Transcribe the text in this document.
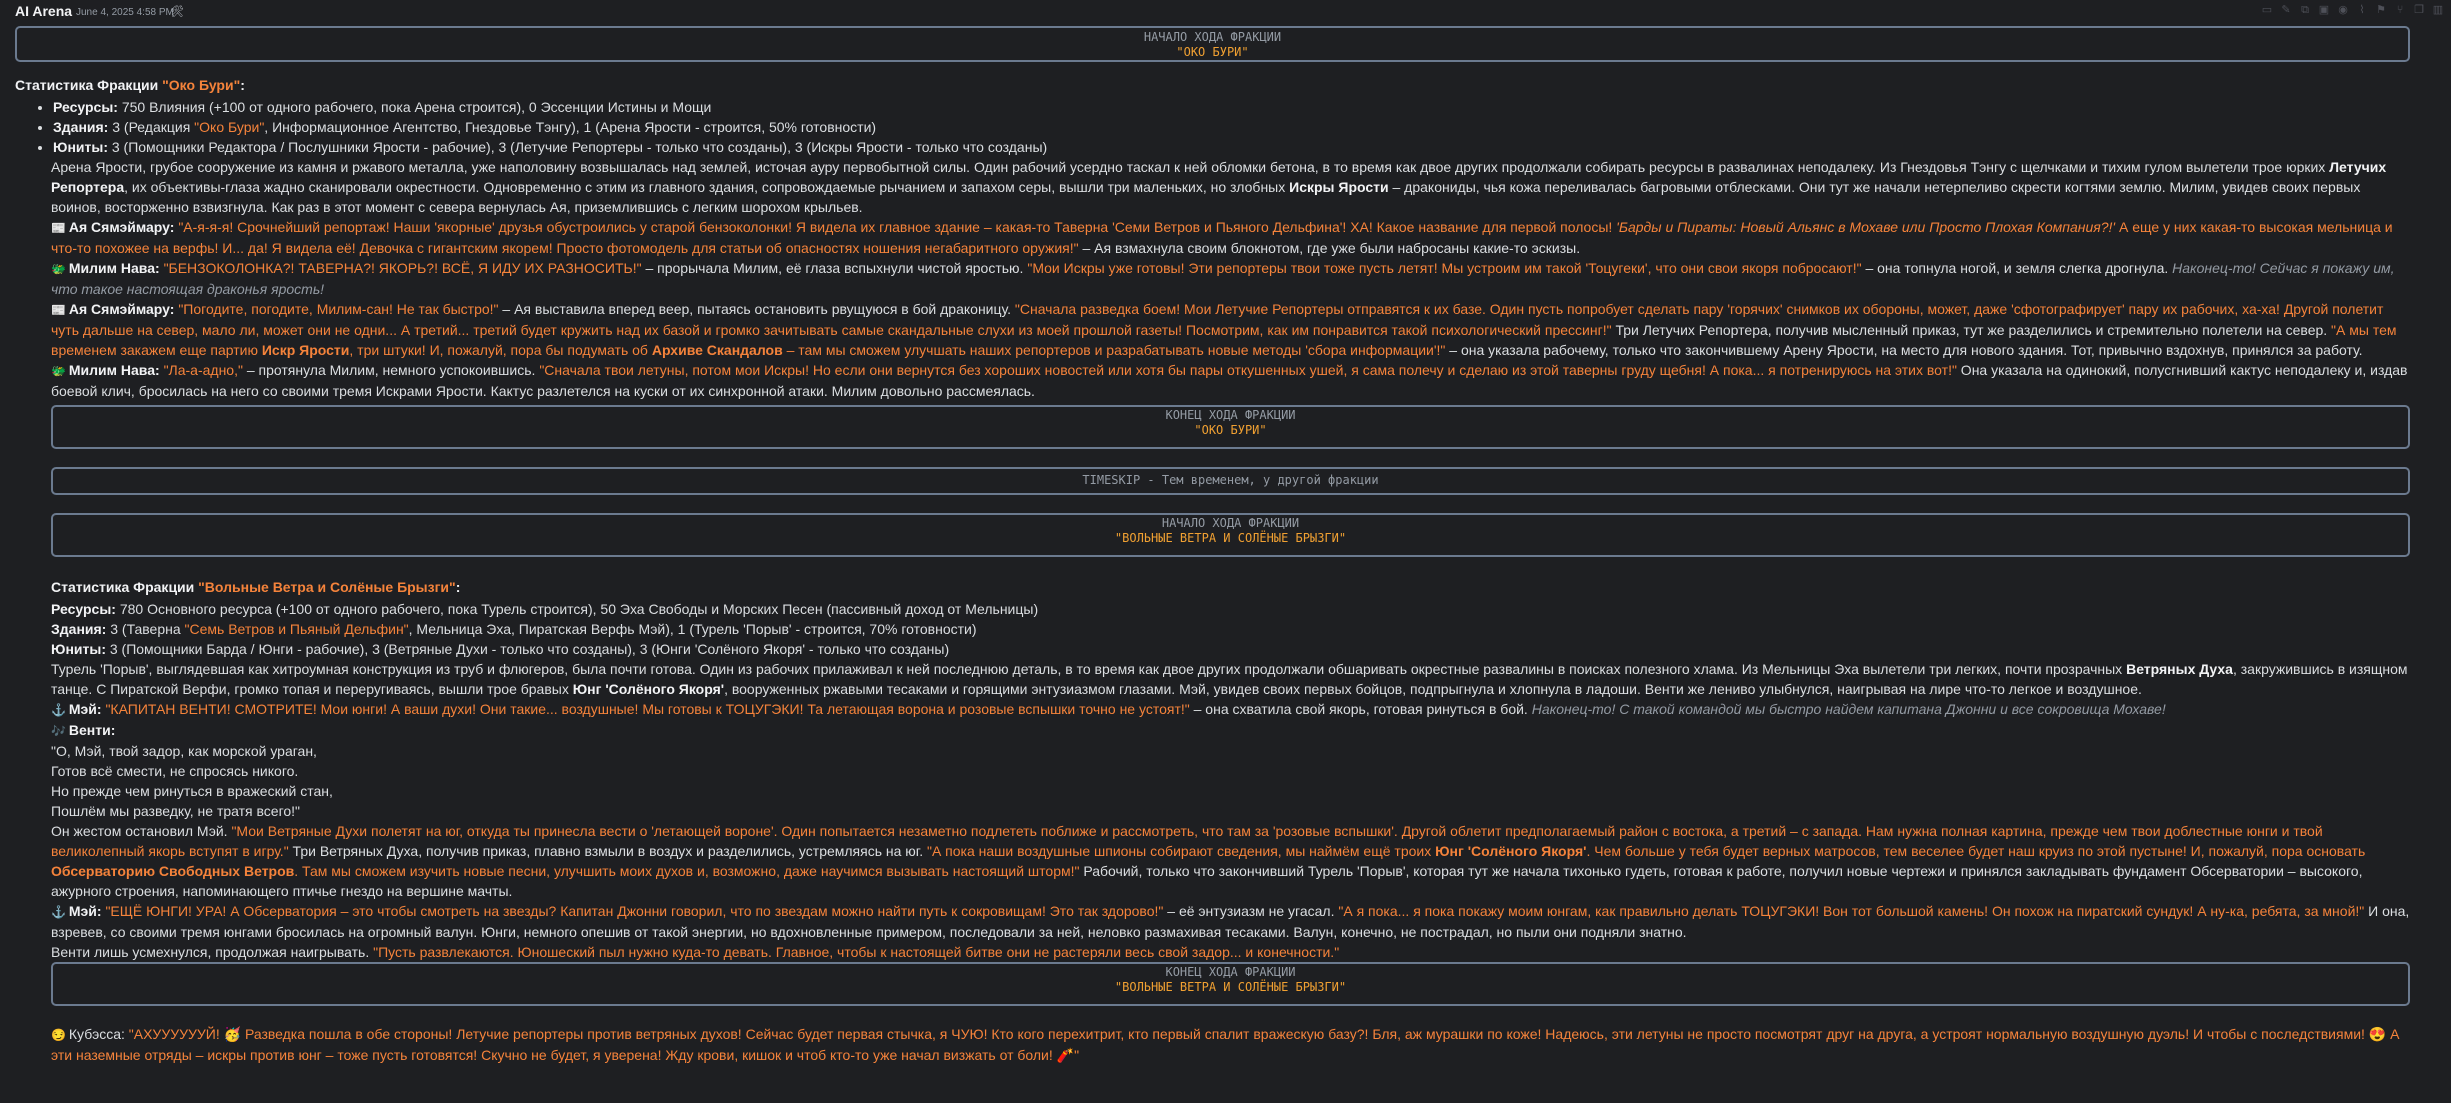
AI Arena June 4, 2025 4:58 PM
🛠	▭ ✎ ⧉ ▣ ◉	⌇	⚑ ⑂ ❐ ▥
НАЧАЛО ХОДА ФРАКЦИИ
"ОКО БУРИ"
Статистика Фракции "Око Бури":
• Ресурсы: 750 Влияния (+100 от одного рабочего, пока Арена строится), 0 Эссенции Истины и Мощи
• Здания: 3 (Редакция "Око Бури", Информационное Агентство, Гнездовье Тэнгу), 1 (Арена Ярости - строится, 50% готовности)
• Юниты: 3 (Помощники Редактора / Послушники Ярости - рабочие), 3 (Летучие Репортеры - только что созданы), 3 (Искры Ярости - только что созданы)

Арена Ярости, грубое сооружение из камня и ржавого металла, уже наполовину возвышалась над землей, источая ауру первобытной силы. Один рабочий усердно таскал к ней обломки бетона, в то время как двое других продолжали собирать ресурсы в развалинах неподалеку. Из Гнездовья Тэнгу с щелчками и тихим гулом вылетели трое юрких Летучих Репортера, их объективы-глаза жадно сканировали окрестности. Одновременно с этим из главного здания, сопровождаемые рычанием и запахом серы, вышли три маленьких, но злобных Искры Ярости – дракониды, чья кожа переливалась багровыми отблесками. Они тут же начали нетерпеливо скрести когтями землю. Милим, увидев своих первых воинов, восторженно взвизгнула. Как раз в этот момент с севера вернулась Ая, приземлившись с легким шорохом крыльев.

📰 Ая Сямэймару: "А-я-я-я! Срочнейший репортаж! Наши 'якорные' друзья обустроились у старой бензоколонки! Я видела их главное здание – какая-то Таверна 'Семи Ветров и Пьяного Дельфина'! ХА! Какое название для первой полосы! 'Барды и Пираты: Новый Альянс в Мохаве или Просто Плохая Компания?!' А еще у них какая-то высокая мельница и что-то похожее на верфь! И... да! Я видела её! Девочка с гигантским якорем! Просто фотомодель для статьи об опасностях ношения негабаритного оружия!" – Ая взмахнула своим блокнотом, где уже были набросаны какие-то эскизы.

🐲 Милим Нава: "БЕНЗОКОЛОНКА?! ТАВЕРНА?! ЯКОРЬ?! ВСЁ, Я ИДУ ИХ РАЗНОСИТЬ!" – прорычала Милим, её глаза вспыхнули чистой яростью. "Мои Искры уже готовы! Эти репортеры твои тоже пусть летят! Мы устроим им такой 'Тоцугеки', что они свои якоря побросают!" – она топнула ногой, и земля слегка дрогнула. Наконец-то! Сейчас я покажу им, что такое настоящая драконья ярость!

📰 Ая Сямэймару: "Погодите, погодите, Милим-сан! Не так быстро!" – Ая выставила вперед веер, пытаясь остановить рвущуюся в бой драконицу. "Сначала разведка боем! Мои Летучие Репортеры отправятся к их базе. Один пусть попробует сделать пару 'горячих' снимков их обороны, может, даже 'сфотографирует' пару их рабочих, ха-ха! Другой полетит чуть дальше на север, мало ли, может они не одни... А третий... третий будет кружить над их базой и громко зачитывать самые скандальные слухи из моей прошлой газеты! Посмотрим, как им понравится такой психологический прессинг!" Три Летучих Репортера, получив мысленный приказ, тут же разделились и стремительно полетели на север. "А мы тем временем закажем еще партию Искр Ярости, три штуки! И, пожалуй, пора бы подумать об Архиве Скандалов – там мы сможем улучшать наших репортеров и разрабатывать новые методы 'сбора информации'!" – она указала рабочему, только что закончившему Арену Ярости, на место для нового здания. Тот, привычно вздохнув, принялся за работу.

🐲 Милим Нава: "Ла-а-адно," – протянула Милим, немного успокоившись. "Сначала твои летуны, потом мои Искры! Но если они вернутся без хороших новостей или хотя бы пары откушенных ушей, я сама полечу и сделаю из этой таверны груду щебня! А пока... я потренируюсь на этих вот!" Она указала на одинокий, полусгнивший кактус неподалеку и, издав боевой клич, бросилась на него со своими тремя Искрами Ярости. Кактус разлетелся на куски от их синхронной атаки. Милим довольно рассмеялась.

КОНЕЦ ХОДА ФРАКЦИИ
"ОКО БУРИ"
TIMESKIP - Тем временем, у другой фракции
НАЧАЛО ХОДА ФРАКЦИИ
"ВОЛЬНЫЕ ВЕТРА И СОЛЁНЫЕ БРЫЗГИ"
Статистика Фракции "Вольные Ветра и Солёные Брызги":
Ресурсы: 780 Основного ресурса (+100 от одного рабочего, пока Турель строится), 50 Эха Свободы и Морских Песен (пассивный доход от Мельницы)
Здания: 3 (Таверна "Семь Ветров и Пьяный Дельфин", Мельница Эха, Пиратская Верфь Мэй), 1 (Турель 'Порыв' - строится, 70% готовности)
Юниты: 3 (Помощники Барда / Юнги - рабочие), 3 (Ветряные Духи - только что созданы), 3 (Юнги 'Солёного Якоря' - только что созданы)

Турель 'Порыв', выглядевшая как хитроумная конструкция из труб и флюгеров, была почти готова. Один из рабочих прилаживал к ней последнюю деталь, в то время как двое других продолжали обшаривать окрестные развалины в поисках полезного хлама. Из Мельницы Эха вылетели три легких, почти прозрачных Ветряных Духа, закружившись в изящном танце. С Пиратской Верфи, громко топая и переругиваясь, вышли трое бравых Юнг 'Солёного Якоря', вооруженных ржавыми тесаками и горящими энтузиазмом глазами. Мэй, увидев своих первых бойцов, подпрыгнула и хлопнула в ладоши. Венти же лениво улыбнулся, наигрывая на лире что-то легкое и воздушное.

⚓ Мэй: "КАПИТАН ВЕНТИ! СМОТРИТЕ! Мои юнги! А ваши духи! Они такие... воздушные! Мы готовы к ТОЦУГЭКИ! Та летающая ворона и розовые вспышки точно не устоят!" – она схватила свой якорь, готовая ринуться в бой. Наконец-то! С такой командой мы быстро найдем капитана Джонни и все сокровища Мохаве!

🎶 Венти:

"О, Мэй, твой задор, как морской ураган,

Готов всё смести, не спросясь никого.

Но прежде чем ринуться в вражеский стан,

Пошлём мы разведку, не тратя всего!"

Он жестом остановил Мэй. "Мои Ветряные Духи полетят на юг, откуда ты принесла вести о 'летающей вороне'. Один попытается незаметно подлететь поближе и рассмотреть, что там за 'розовые вспышки'. Другой облетит предполагаемый район с востока, а третий – с запада. Нам нужна полная картина, прежде чем твои доблестные юнги и твой великолепный якорь вступят в игру." Три Ветряных Духа, получив приказ, плавно взмыли в воздух и разделились, устремляясь на юг. "А пока наши воздушные шпионы собирают сведения, мы наймём ещё троих Юнг 'Солёного Якоря'. Чем больше у тебя будет верных матросов, тем веселее будет наш круиз по этой пустыне! И, пожалуй, пора основать Обсерваторию Свободных Ветров. Там мы сможем изучить новые песни, улучшить моих духов и, возможно, даже научимся вызывать настоящий шторм!" Рабочий, только что закончивший Турель 'Порыв', которая тут же начала тихонько гудеть, готовая к работе, получил новые чертежи и принялся закладывать фундамент Обсерватории – высокого, ажурного строения, напоминающего птичье гнездо на вершине мачты.

⚓ Мэй: "ЕЩЁ ЮНГИ! УРА! А Обсерватория – это чтобы смотреть на звезды? Капитан Джонни говорил, что по звездам можно найти путь к сокровищам! Это так здорово!" – её энтузиазм не угасал. "А я пока... я пока покажу моим юнгам, как правильно делать ТОЦУГЭКИ! Вон тот большой камень! Он похож на пиратский сундук! А ну-ка, ребята, за мной!" И она, взревев, со своими тремя юнгами бросилась на огромный валун. Юнги, немного опешив от такой энергии, но вдохновленные примером, последовали за ней, неловко размахивая тесаками. Валун, конечно, не пострадал, но пыли они подняли знатно.

Венти лишь усмехнулся, продолжая наигрывать. "Пусть развлекаются. Юношеский пыл нужно куда-то девать. Главное, чтобы к настоящей битве они не растеряли весь свой задор... и конечности."

КОНЕЦ ХОДА ФРАКЦИИ
"ВОЛЬНЫЕ ВЕТРА И СОЛЁНЫЕ БРЫЗГИ"

😏 Кубэсса: "АХУУУУУУЙ! 🥳 Разведка пошла в обе стороны! Летучие репортеры против ветряных духов! Сейчас будет первая стычка, я ЧУЮ! Кто кого перехитрит, кто первый спалит вражескую базу?! Бля, аж мурашки по коже! Надеюсь, эти летуны не просто посмотрят друг на друга, а устроят нормальную воздушную дуэль! И чтобы с последствиями! 😍 А эти наземные отряды – искры против юнг – тоже пусть готовятся! Скучно не будет, я уверена! Жду крови, кишок и чтоб кто-то уже начал визжать от боли! 🧨"
